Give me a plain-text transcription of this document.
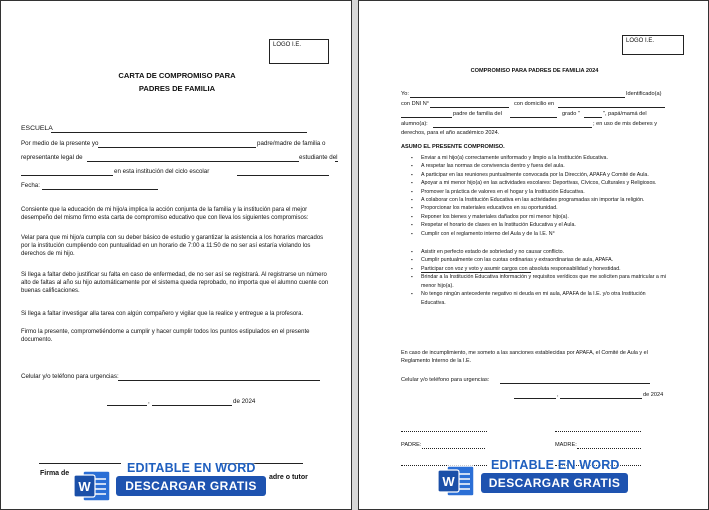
LOGO I.E.
CARTA DE COMPROMISO PARA
PADRES DE FAMILIA
ESCUELA
Por medio de la presente yo	padre/madre de familia o
representante legal de	estudiante del
en esta institución del ciclo escolar
Fecha:
Consiente que la educación de mi hijo/a implica la acción conjunta de la familia y la institución para el mejor desempeño del mismo firmo esta carta de compromiso educativo que con lleva los siguientes compromisos:
Velar para que mi hijo/a cumpla con su deber básico de estudio y garantizar la asistencia a los horarios marcados por la institución cumpliendo con puntualidad en un horario de 7:00 a 11:50 de no ser así estaría violando los derechos de mi hijo.
Si llega a faltar debo justificar su falta en caso de enfermedad, de no ser así se registrará. Al registrarse un número alto de faltas al año su hijo automáticamente por el sistema queda reprobado, no importa que el alumno cuente con buenas calificaciones.
Si llega a faltar investigar alla tarea con algún compañero y vigilar que la realice y entregue a la profesora.
Firmo la presente, comprometiéndome a cumplir y hacer cumplir todos los puntos estipulados en el presente documento.
Celular y/o teléfono para urgencias:
,	de 2024
Firma de
adre o tutor
W
EDITABLE EN WORD
DESCARGAR GRATIS
LOGO I.E.
COMPROMISO PARA PADRES DE FAMILIA 2024
Yo:	Identificado(a)
con DNI N°	con domicilio en
padre de familia del	grado "	", papá/mamá del
alumno(a):	; en uso de mis deberes y
derechos, para el año académico 2024.
ASUMO EL PRESENTE COMPROMISO.
▪ Enviar a mi hijo(a) correctamente uniformado y limpio a la Institución Educativa.
▪ A respetar las normas de convivencia dentro y fuera del aula.
▪ A participar en las reuniones puntualmente convocada por la Dirección, APAFA y Comité de Aula.
▪ Apoyar a mi menor hijo(a) en las actividades escolares: Deportivas, Cívicos, Culturales y Religiosos.
▪ Promover la práctica de valores en el hogar y la Institución Educativa.
▪ A colaborar con la Institución Educativa en las actividades programadas sin importar la religión.
▪ Proporcionar los materiales educativos en su oportunidad.
▪ Reponer los bienes y materiales dañados por mi menor hijo(a).
▪ Respetar el horario de clases en la Institución Educativa y el Aula.
▪ Cumplir con el reglamento interno del Aula y de la I.E. N°
▪ Asistir en perfecto estado de sobriedad y no causar conflicto.
▪ Cumplir puntualmente con las cuotas ordinarias y extraordinarias de aula, APAFA.
▪ Participar con voz y voto y asumir cargos con absoluta responsabilidad y honestidad.
▪ Brindar a la Institución Educativa información y requisitos verídicos que me soliciten para matricular a mi menor hijo(a).
▪ No tengo ningún antecedente negativo ni deuda en mi aula, APAFA de la I.E. y/o otra Institución Educativa.
En caso de incumplimiento, me someto a las sanciones establecidas por APAFA, el Comité de Aula y el Reglamento Interno de la I.E.
Celular y/o teléfono para urgencias:
,	de 2024
PADRE:	MADRE:
W
EDITABLE EN WORD
DESCARGAR GRATIS
